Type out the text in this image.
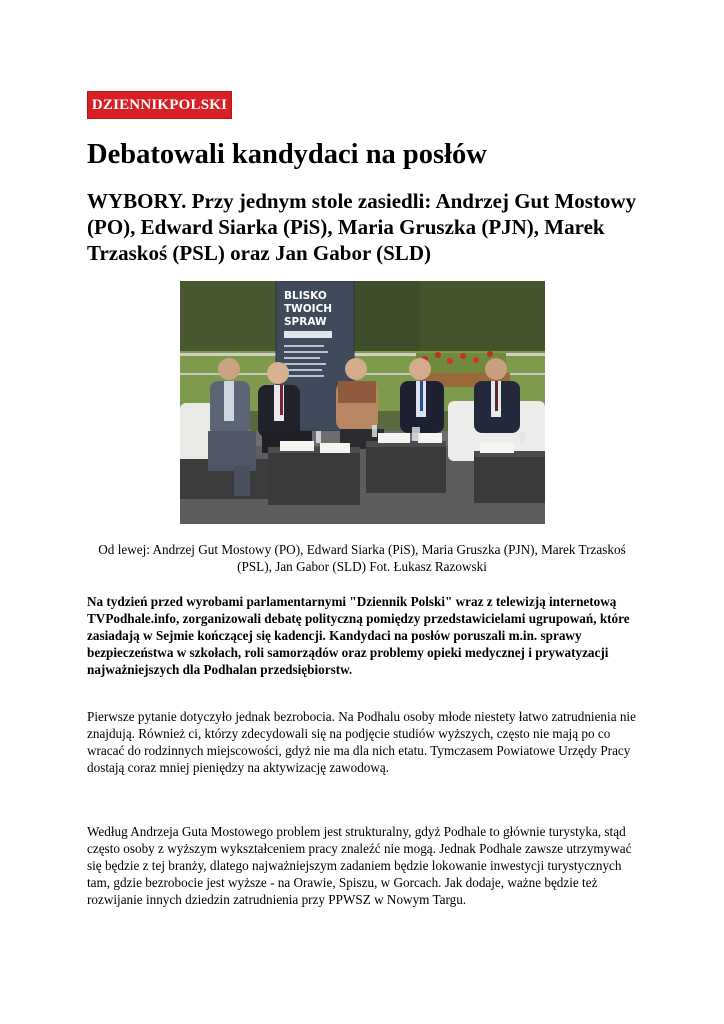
DZIENNIKPOLSKI
Debatowali kandydaci na posłów
WYBORY. Przy jednym stole zasiedli: Andrzej Gut Mostowy (PO), Edward Siarka (PiS), Maria Gruszka (PJN), Marek Trzaskoś (PSL) oraz Jan Gabor (SLD)
BLISKO
TWOICH
SPRAW

Od lewej: Andrzej Gut Mostowy (PO), Edward Siarka (PiS), Maria Gruszka (PJN), Marek Trzaskoś (PSL), Jan Gabor (SLD) Fot. Łukasz Razowski

Na tydzień przed wyrobami parlamentarnymi "Dziennik Polski" wraz z telewizją internetową TVPodhale.info, zorganizowali debatę polityczną pomiędzy przedstawicielami ugrupowań, które zasiadają w Sejmie kończącej się kadencji. Kandydaci na posłów poruszali m.in. sprawy bezpieczeństwa w szkołach, roli samorządów oraz problemy opieki medycznej i prywatyzacji najważniejszych dla Podhalan przedsiębiorstw.

Pierwsze pytanie dotyczyło jednak bezrobocia. Na Podhalu osoby młode niestety łatwo zatrudnienia nie znajdują. Również ci, którzy zdecydowali się na podjęcie studiów wyższych, często nie mają po co wracać do rodzinnych miejscowości, gdyż nie ma dla nich etatu. Tymczasem Powiatowe Urzędy Pracy dostają coraz mniej pieniędzy na aktywizację zawodową.

Według Andrzeja Guta Mostowego problem jest strukturalny, gdyż Podhale to głównie turystyka, stąd często osoby z wyższym wykształceniem pracy znaleźć nie mogą. Jednak Podhale zawsze utrzymywać się będzie z tej branży, dlatego najważniejszym zadaniem będzie lokowanie inwestycji turystycznych tam, gdzie bezrobocie jest wyższe - na Orawie, Spiszu, w Gorcach. Jak dodaje, ważne będzie też rozwijanie innych dziedzin zatrudnienia przy PPWSZ w Nowym Targu.
